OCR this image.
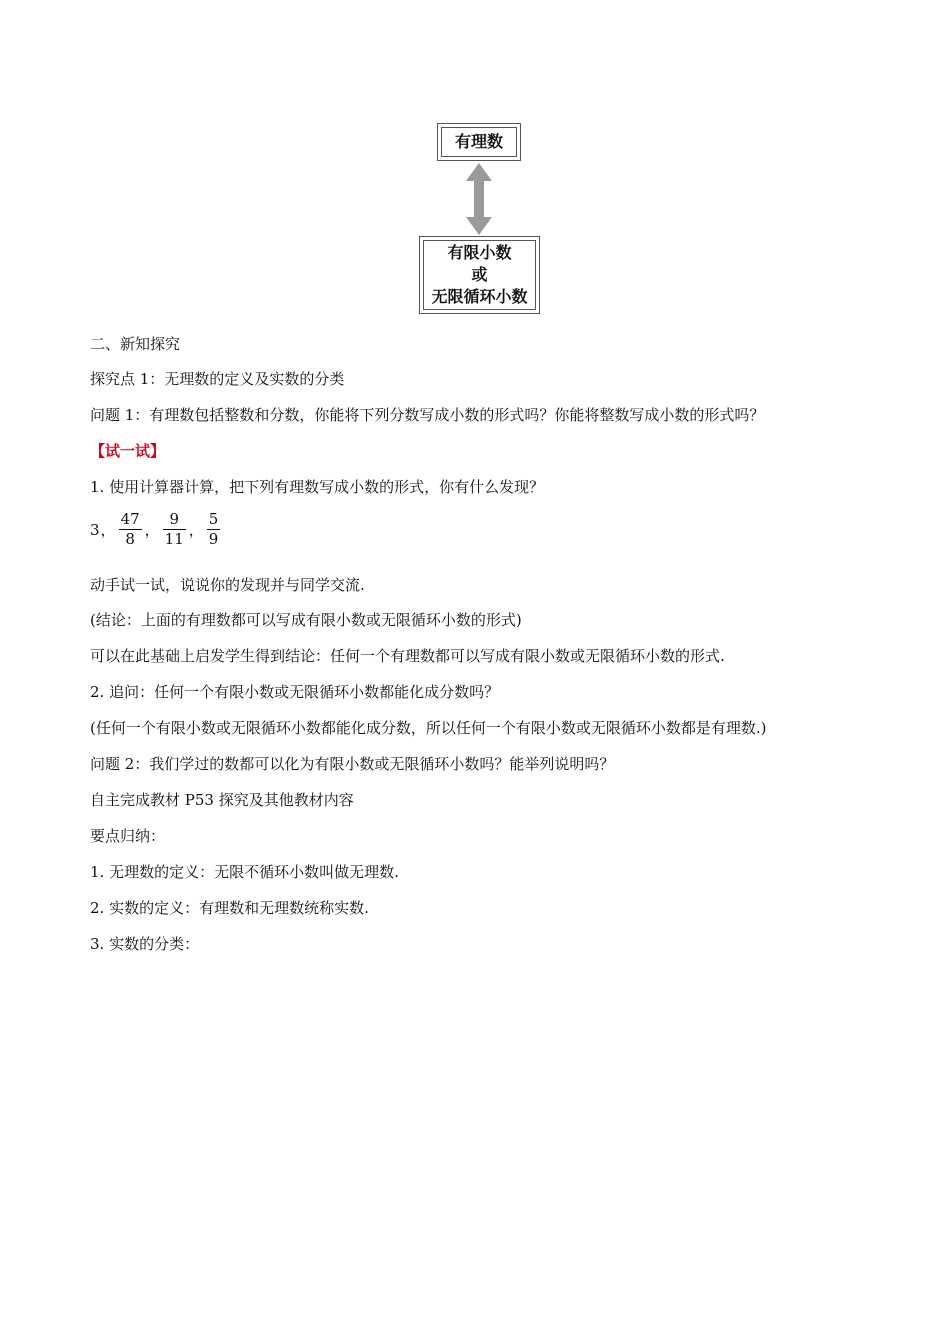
有理数
有限小数
或
无限循环小数
二、新知探究
探究点 1：无理数的定义及实数的分类
问题 1：有理数包括整数和分数，你能将下列分数写成小数的形式吗？你能将整数写成小数的形式吗？
【试一试】
1. 使用计算器计算，把下列有理数写成小数的形式，你有什么发现？
3 ， $\frac{47}{8}$ ， $\frac{9}{11}$ ， $\frac{5}{9}$
动手试一试，说说你的发现并与同学交流.
(结论：上面的有理数都可以写成有限小数或无限循环小数的形式)
可以在此基础上启发学生得到结论：任何一个有理数都可以写成有限小数或无限循环小数的形式.
2. 追问：任何一个有限小数或无限循环小数都能化成分数吗？
(任何一个有限小数或无限循环小数都能化成分数，所以任何一个有限小数或无限循环小数都是有理数.)
问题 2：我们学过的数都可以化为有限小数或无限循环小数吗？能举列说明吗？
自主完成教材 P53 探究及其他教材内容
要点归纳：
1. 无理数的定义：无限不循环小数叫做无理数.
2. 实数的定义：有理数和无理数统称实数.
3. 实数的分类：
